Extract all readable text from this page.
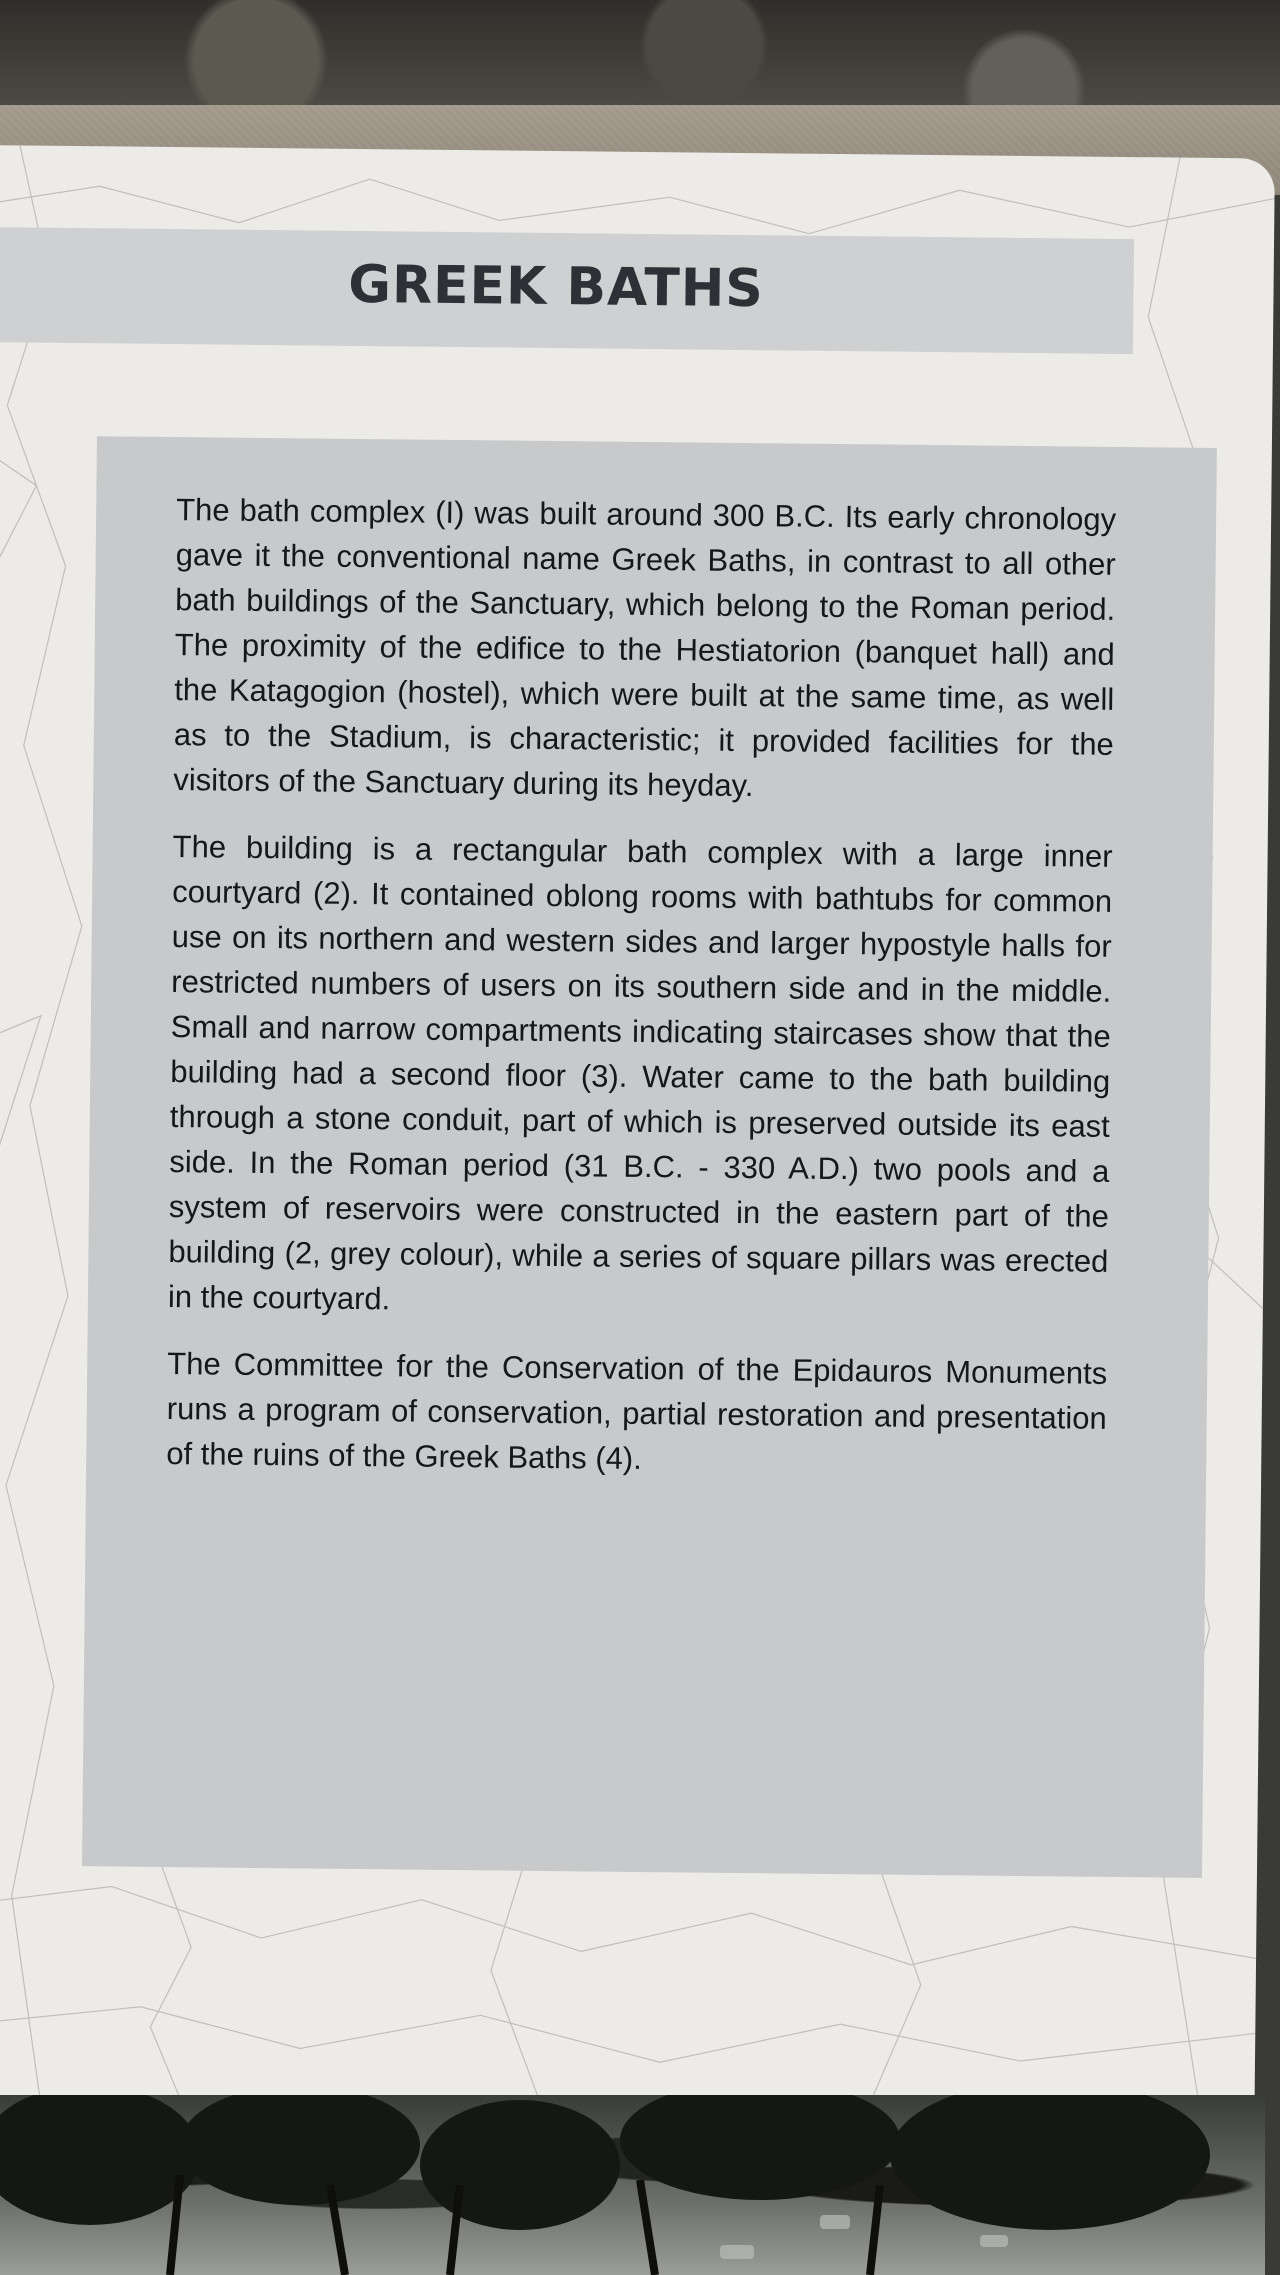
GREEK BATHS

The bath complex (I) was built around 300 B.C. Its early chronology gave it the conventional name Greek Baths, in contrast to all other bath buildings of the Sanctuary, which belong to the Roman period. The proximity of the edifice to the Hestiatorion (banquet hall) and the Katagogion (hostel), which were built at the same time, as well as to the Stadium, is characteristic; it provided facilities for the visitors of the Sanctuary during its heyday.

The building is a rectangular bath complex with a large inner courtyard (2). It contained oblong rooms with bathtubs for common use on its northern and western sides and larger hypostyle halls for restricted numbers of users on its southern side and in the middle. Small and narrow compartments indicating staircases show that the building had a second floor (3). Water came to the bath building through a stone conduit, part of which is preserved outside its east side. In the Roman period (31 B.C. - 330 A.D.) two pools and a system of reservoirs were constructed in the eastern part of the building (2, grey colour), while a series of square pillars was erected in the courtyard.

The Committee for the Conservation of the Epidauros Monuments runs a program of conservation, partial restoration and presentation of the ruins of the Greek Baths (4).
